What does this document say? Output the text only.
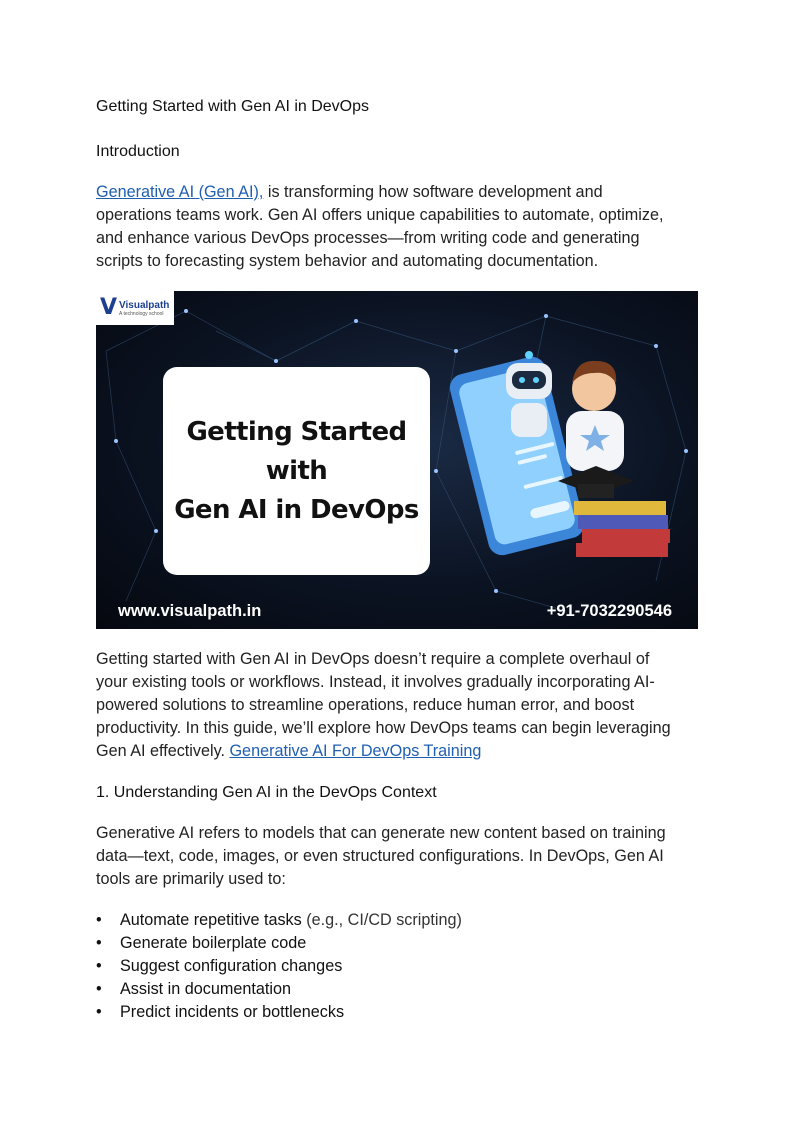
Getting Started with Gen AI in DevOps
Introduction
Generative AI (Gen AI), is transforming how software development and
operations teams work. Gen AI offers unique capabilities to automate, optimize,
and enhance various DevOps processes—from writing code and generating
scripts to forecasting system behavior and automating documentation.
V Visualpath
A technology school
Getting Started
with
Gen AI in DevOps
www.visualpath.in	+91-7032290546
Getting started with Gen AI in DevOps doesn’t require a complete overhaul of
your existing tools or workflows. Instead, it involves gradually incorporating AI-
powered solutions to streamline operations, reduce human error, and boost
productivity. In this guide, we’ll explore how DevOps teams can begin leveraging
Gen AI effectively. Generative AI For DevOps Training
1. Understanding Gen AI in the DevOps Context
Generative AI refers to models that can generate new content based on training
data—text, code, images, or even structured configurations. In DevOps, Gen AI
tools are primarily used to:
• Automate repetitive tasks (e.g., CI/CD scripting)
• Generate boilerplate code
• Suggest configuration changes
• Assist in documentation
• Predict incidents or bottlenecks
